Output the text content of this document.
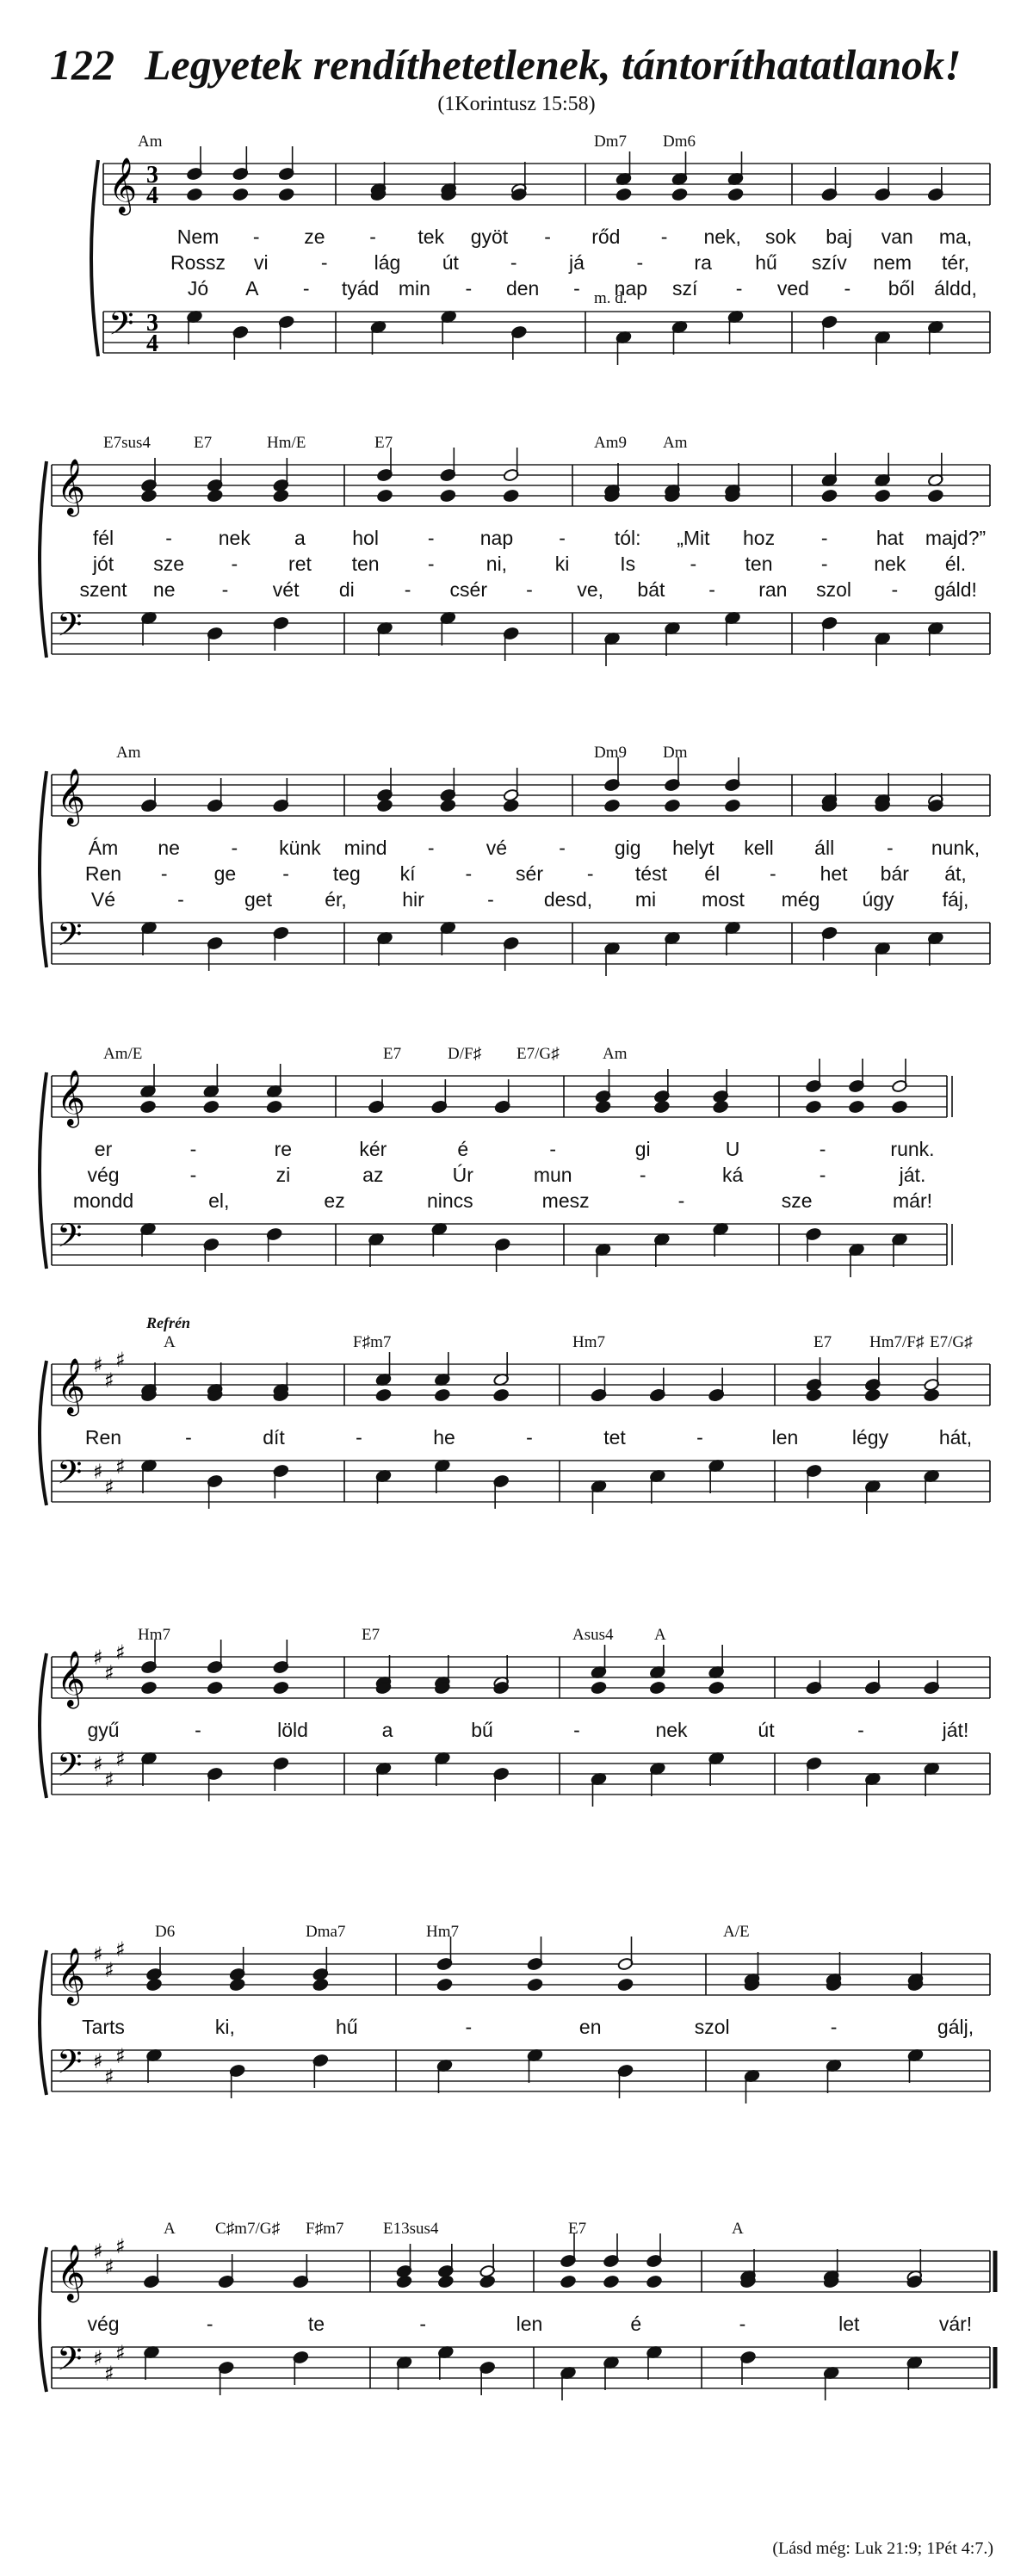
122 Legyetek rendíthetetlenek, tántoríthatatlanok!
(1Korintusz 15:58)
𝄞
𝄢
3
3
4
4
Am	Dm7 Dm6
m. d.
Nem - ze - tek gyöt - rőd - nek, sok baj van ma,
Rossz vi	- lág út	-	já	-	ra hű szív nem tér,
Jó A - tyád min - den - nap szí - ved - ből áldd,
𝄞
𝄢
E7sus4	E7	Hm/E	E7	Am9 Am
fél	- nek a hol - nap - tól: „Mit hoz - hat majd?”
jót sze -	ret ten -	ni, ki	Is	- ten - nek él.
szent ne - vét di	- csér - ve, bát - ran szol - gáld!
𝄞
𝄢
Am	Dm9 Dm
Ám ne	- künk mind -	vé	- gig helyt kell áll	- nunk,
Ren - ge - teg kí	- sér - tést él	- het bár át,
Vé	-	get	ér,	hir	-	desd, mi most még úgy fáj,
𝄞
𝄢
Am/E	E7	D/F♯ E7/G♯	Am
er	-	re	kér	é	-	gi	U	-	runk.
vég	-	zi	az	Úr	mun	-	ká	-	ját.
mondd	el,	ez	nincs	mesz	-	sze	már!
𝄞
𝄢
♯
♯
♯
♯
♯
♯
A	F♯m7	Hm7	E7 Hm7/F♯ E7/G♯
Refrén
Ren	-	dít	-	he	-	tet	-	len	légy	hát,
𝄞
𝄢
♯
♯
♯
♯
♯
♯
Hm7	E7	Asus4 A
gyű	-	löld	a	bű	-	nek	út	-	ját!
𝄞
𝄢
♯
♯
♯
♯
♯
♯
D6	Dma7	Hm7	A/E
Tarts	ki,	hű	-	en	szol	-	gálj,
𝄞
𝄢
♯
♯
♯
♯
♯
♯
A C♯m7/G♯ F♯m7 E13sus4	E7	A
vég	-	te	-	len	é	-	let	vár!
(Lásd még: Luk 21:9; 1Pét 4:7.)
